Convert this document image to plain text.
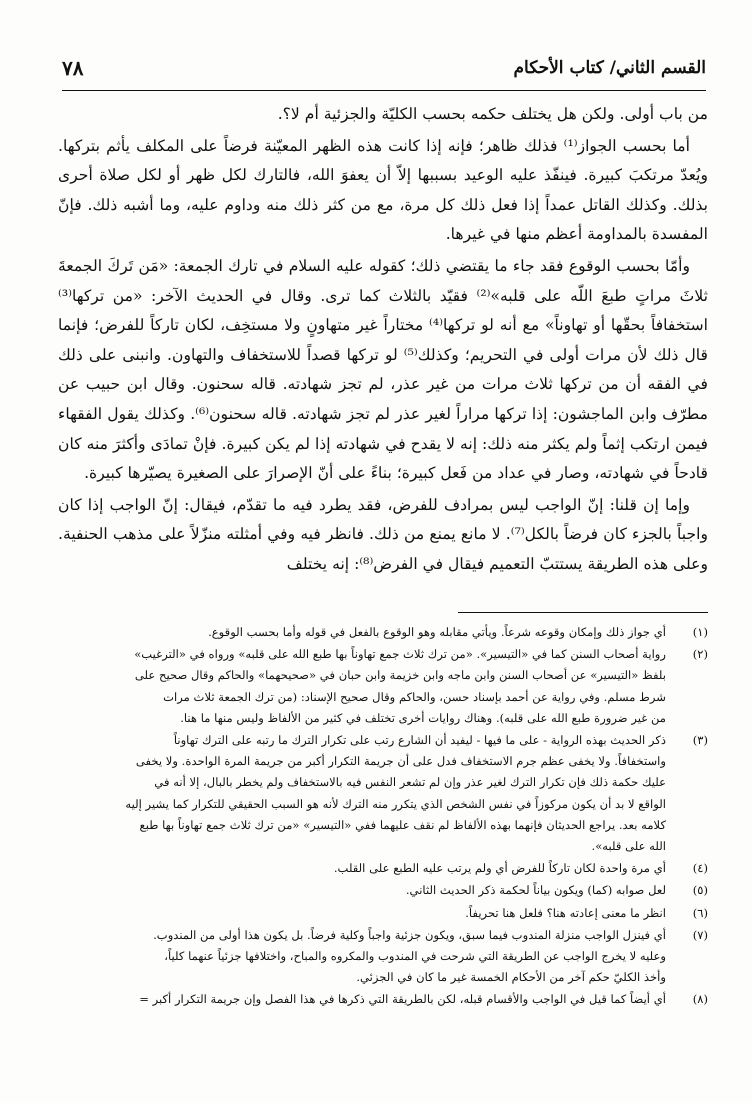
٧٨	القسم الثاني/ كتاب الأحكام

من باب أولى. ولكن هل يختلف حكمه بحسب الكليّة والجزئية أم لا؟.

أما بحسب الجواز⁽¹⁾ فذلك ظاهر؛ فإنه إذا كانت هذه الظهر المعيّنة فرضاً على المكلف يأثم بتركها. ويُعدّ مرتكبَ كبيرة. فينفّذ عليه الوعيد بسببها إلاّ أن يعفوَ الله، فالتارك لكل ظهر أو لكل صلاة أحرى بذلك. وكذلك القاتل عمداً إذا فعل ذلك كل مرة، مع من كثر ذلك منه وداوم عليه، وما أشبه ذلك. فإنّ المفسدة بالمداومة أعظم منها في غيرها.

وأمّا بحسب الوقوع فقد جاء ما يقتضي ذلك؛ كقوله عليه السلام في تارك الجمعة: «مَن تَركَ الجمعةَ ثلاثَ مراتٍ طبعَ اللّه على قلبه»⁽²⁾ فقيّد بالثلاث كما ترى. وقال في الحديث الآخر: «من تركها⁽³⁾ استخفافاً بحقّها أو تهاوناً» مع أنه لو تركها⁽⁴⁾ مختاراً غير متهاونٍ ولا مستخِف، لكان تاركاً للفرض؛ فإنما قال ذلك لأن مرات أولى في التحريم؛ وكذلك⁽⁵⁾ لو تركها قصداً للاستخفاف والتهاون. وانبنى على ذلك في الفقه أن من تركها ثلاث مرات من غير عذر، لم تجز شهادته. قاله سحنون. وقال ابن حبيب عن مطرّف وابن الماجشون: إذا تركها مراراً لغير عذر لم تجز شهادته. قاله سحنون⁽⁶⁾. وكذلك يقول الفقهاء فيمن ارتكب إثماً ولم يكثر منه ذلك: إنه لا يقدح في شهادته إذا لم يكن كبيرة. فإنْ تمادَى وأكثرَ منه كان قادحاً في شهادته، وصار في عداد من فَعل كبيرة؛ بناءً على أنّ الإصرارَ على الصغيرة يصيّرها كبيرة.

وإما إن قلنا: إنّ الواجب ليس بمرادف للفرض، فقد يطرد فيه ما تقدّم، فيقال: إنّ الواجب إذا كان واجباً بالجزء كان فرضاً بالكل⁽⁷⁾. لا مانع يمنع من ذلك. فانظر فيه وفي أمثلته منزّلاً على مذهب الحنفية. وعلى هذه الطريقة يستتبّ التعميم فيقال في الفرض⁽⁸⁾: إنه يختلف

(١)
أي جواز ذلك وإمكان وقوعه شرعاً. ويأتي مقابله وهو الوقوع بالفعل في قوله وأما بحسب الوقوع.
(٢)
رواية أصحاب السنن كما في «التيسير». «من ترك ثلاث جمع تهاوناً بها طبع الله على قلبه» ورواه في «الترغيب»
بلفظ «التيسير» عن أصحاب السنن وابن ماجه وابن خزيمة وابن حبان في «صحيحهما» والحاكم وقال صحيح على
شرط مسلم. وفي رواية عن أحمد بإسناد حسن، والحاكم وقال صحيح الإسناد: (من ترك الجمعة ثلاث مرات
من غير ضرورة طبع الله على قلبه). وهناك روايات أخرى تختلف في كثير من الألفاظ وليس منها ما هنا.
(٣)
ذكر الحديث بهذه الرواية - على ما فيها - ليفيد أن الشارع رتب على تكرار الترك ما رتبه على الترك تهاوناً
واستخفافاً. ولا يخفى عظم جرم الاستخفاف فدل على أن جريمة التكرار أكبر من جريمة المرة الواحدة. ولا يخفى
عليك حكمة ذلك فإن تكرار الترك لغير عذر وإن لم تشعر النفس فيه بالاستخفاف ولم يخطر بالبال، إلا أنه في
الواقع لا بد أن يكون مركوزاً في نفس الشخص الذي يتكرر منه الترك لأنه هو السبب الحقيقي للتكرار كما يشير إليه
كلامه بعد. يراجع الحديثان فإنهما بهذه الألفاظ لم نقف عليهما ففي «التيسير» «من ترك ثلاث جمع تهاوناً بها طبع
الله على قلبه».
(٤)
أي مرة واحدة لكان تاركاً للفرض أي ولم يرتب عليه الطبع على القلب.
(٥)
لعل صوابه (كما) ويكون بياناً لحكمة ذكر الحديث الثاني.
(٦)
انظر ما معنى إعادته هنا؟ فلعل هنا تحريفاً.
(٧)
أي فينزل الواجب منزلة المندوب فيما سبق، ويكون جزئية واجباً وكلية فرضاً. بل يكون هذا أولى من المندوب.
وعليه لا يخرج الواجب عن الطريقة التي شرحت في المندوب والمكروه والمباح، واختلافها جزئياً عنهما كلياً،
وأخذ الكليّ حكم آخر من الأحكام الخمسة غير ما كان في الجزئي.
(٨)
أي أيضاً كما قيل في الواجب والأقسام قبله، لكن بالطريقة التي ذكرها في هذا الفصل وإن جريمة التكرار أكبر =
